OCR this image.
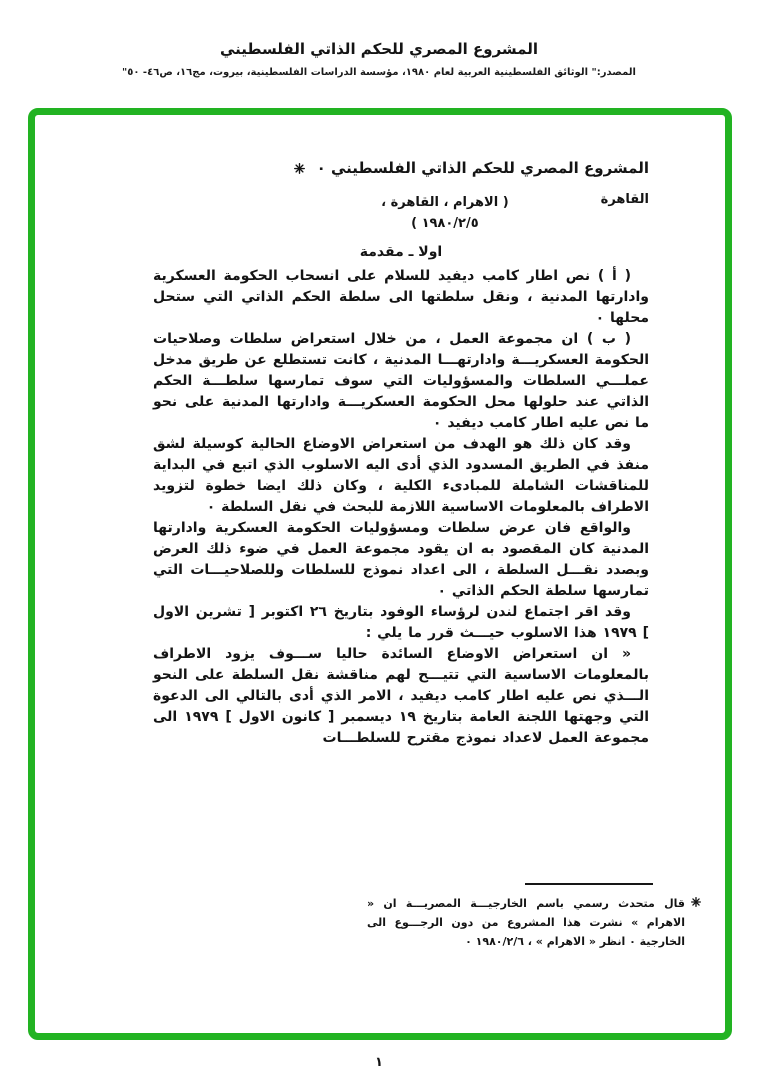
المشروع المصري للحكم الذاتي الفلسطيني

المصدر:" الوثائق الفلسطينية العربية لعام ١٩٨٠، مؤسسة الدراسات الفلسطينية، بيروت، مج١٦، ص٤٦- ٥٠"

المشروع المصري للحكم الذاتي الفلسطيني ٠

القاهرة
( الاهرام ، القاهرة ،
١٩٨٠/٢/٥ )

اولا ـ مقدمة

( أ ) نص اطار كامب ديفيد للسلام على انسحاب الحكومة العسكرية وادارتها المدنية ، ونقل سلطتها الى سلطة الحكم الذاتي التي ستحل محلها ٠

( ب ) ان مجموعة العمل ، من خلال استعراض سلطات وصلاحيات الحكومة العسكريـــة وادارتهـــا المدنية ، كانت تستطلع عن طريق مدخل عملـــي السلطات والمسؤوليات التي سوف تمارسها سلطـــة الحكم الذاتي عند حلولها محل الحكومة العسكريـــة وادارتها المدنية على نحو ما نص عليه اطار كامب ديفيد ٠

وقد كان ذلك هو الهدف من استعراض الاوضاع الحالية كوسيلة لشق منفذ في الطريق المسدود الذي أدى اليه الاسلوب الذي اتبع في البداية للمناقشات الشاملة للمبادىء الكلية ، وكان ذلك ايضا خطوة لتزويد الاطراف بالمعلومات الاساسية اللازمة للبحث في نقل السلطة ٠

والواقع فان عرض سلطات ومسؤوليات الحكومة العسكرية وادارتها المدنية كان المقصود به ان يقود مجموعة العمل في ضوء ذلك العرض وبصدد نقـــل السلطة ، الى اعداد نموذج للسلطات وللصلاحيـــات التي تمارسها سلطة الحكم الذاتي ٠

وقد اقر اجتماع لندن لرؤساء الوفود بتاريخ ٢٦ اكتوبر [ تشرين الاول ] ١٩٧٩ هذا الاسلوب حيـــث قرر ما يلي :

« ان استعراض الاوضاع السائدة حاليا ســـوف يزود الاطراف بالمعلومات الاساسية التي تتيـــح لهم مناقشة نقل السلطة على النحو الـــذي نص عليه اطار كامب ديفيد ، الامر الذي أدى بالتالي الى الدعوة التي وجهتها اللجنة العامة بتاريخ ١٩ ديسمبر [ كانون الاول ] ١٩٧٩ الى مجموعة العمل لاعداد نموذج مقترح للسلطـــات

قال متحدث رسمي باسم الخارجيـــة المصريـــة ان « الاهرام » نشرت هذا المشروع من دون الرجـــوع الى الخارجية ٠ انظر « الاهرام » ، ١٩٨٠/٢/٦ ٠

١
